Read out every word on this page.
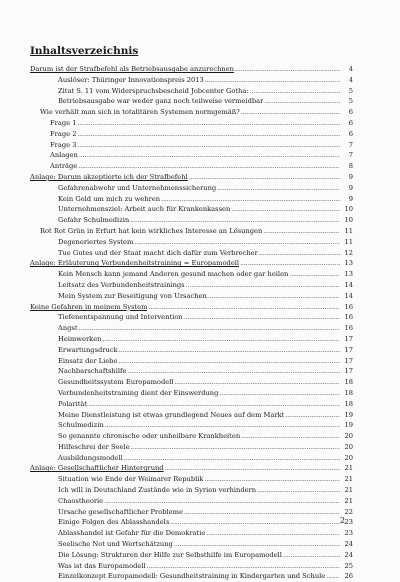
Inhaltsverzeichnis
Darum ist der Strafbefehl als Betriebsausgabe anzurechnen . . .	4
Auslöser: Thüringer Innovationspreis 2013 . . .	4
Zitat S. 11 vom Widerspruchsbescheid Jobcenter Gotha: . . .	5
Betriebsausgabe war weder ganz noch teilweise vermeidbar . . .	5
Wie verhält man sich in totalitären Systemen normgemäß? . . .	6
Frage 1 . . .	6
Frage 2 . . .	6
Frage 3 . . .	7
Anlagen . . .	7
Anträge . . .	8
Anlage: Darum akzeptierte ich der Strafbefehl . . .	9
Gefahrenabwehr und Unternehmenssicherung . . .	9
Kein Geld um mich zu wehren . . .	9
Unternehmensziel: Arbeit auch für Krankenkassen . . .	10
Gefahr Schulmedizin . . .	10
Rot Rot Grün in Erfurt hat kein wirkliches Interesse an Lösungen . . .	11
Degeneriertes System . . .	11
Tue Gutes und der Staat macht dich dafür zum Verbrecher . . .	12
Anlage: Erläuterung Verbundenheitstraining = Europamodell . . .	13
Kein Mensch kann jemand Anderen gesund machen oder gar heilen . . .	13
Leitsatz des Verbundenheitstrainings . . .	14
Mein System zur Beseitigung von Ursachen . . .	14
Keine Gefahren in meinem System . . .	16
Tiefenentspannung und Intervention . . .	16
Angst . . .	16
Heimwerken . . .	17
Erwartungsdruck . . .	17
Einsatz der Liebe . . .	17
Nachbarschaftshilfe . . .	17
Gesundheitssystem Europamodell . . .	18
Verbundenheitstraining dient der Einswerdung . . .	18
Polarität . . .	18
Meine Dienstleistung ist etwas grundlegend Neues auf dem Markt . . .	19
Schulmedizin . . .	19
So genannte chronische oder unheilbare Krankheiten . . .	20
Hilfeschrei der Seele . . .	20
Ausbildungsmodell . . .	20
Anlage: Gesellschaftlicher Hintergrund . . .	21
Situation wie Ende der Weimarer Republik . . .	21
Ich will in Deutschland Zustände wie in Syrien verhindern . . .	21
Chaostheorie . . .	21
Ursache gesellschaftlicher Probleme . . .	22
Einige Folgen des Ablasshandels . . .	23
Ablasshandel ist Gefahr für die Demokratie . . .	23
Seelische Not und Wertschätzung . . .	24
Die Lösung: Strukturen der Hilfe zur Selbsthilfe im Europamodell . . .	24
Was ist das Europamodell . . .	25
Einzelkonzept Europamodell: Gesundheitstraining in Kindergarten und Schule . . .	26
2
